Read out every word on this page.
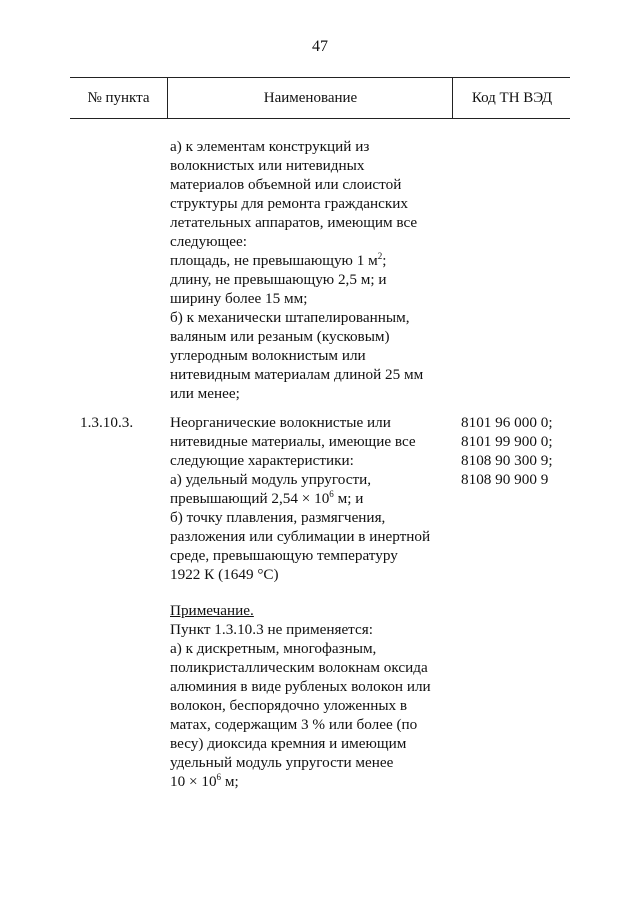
47
№ пункта	Наименование	Код ТН ВЭД
а) к элементам конструкций из
волокнистых или нитевидных
материалов объемной или слоистой
структуры для ремонта гражданских
летательных аппаратов, имеющим все
следующее:
площадь, не превышающую 1 $м^2$;
длину, не превышающую 2,5 м; и
ширину более 15 мм;
б) к механически штапелированным,
валяным или резаным (кусковым)
углеродным волокнистым или
нитевидным материалам длиной 25 мм
или менее;
1.3.10.3. Неорганические волокнистые или
нитевидные материалы, имеющие все
следующие характеристики:
а) удельный модуль упругости,
превышающий $2,54 \times 10^6$ м; и
б) точку плавления, размягчения,
разложения или сублимации в инертной
среде, превышающую температуру
1922 К (1649 °С)
8101 96 000 0;
8101 99 900 0;
8108 90 300 9;
8108 90 900 9
Примечание.
Пункт 1.3.10.3 не применяется:
а) к дискретным, многофазным,
поликристаллическим волокнам оксида
алюминия в виде рубленых волокон или
волокон, беспорядочно уложенных в
матах, содержащим 3 % или более (по
весу) диоксида кремния и имеющим
удельный модуль упругости менее
$10 \times 10^6$ м;
